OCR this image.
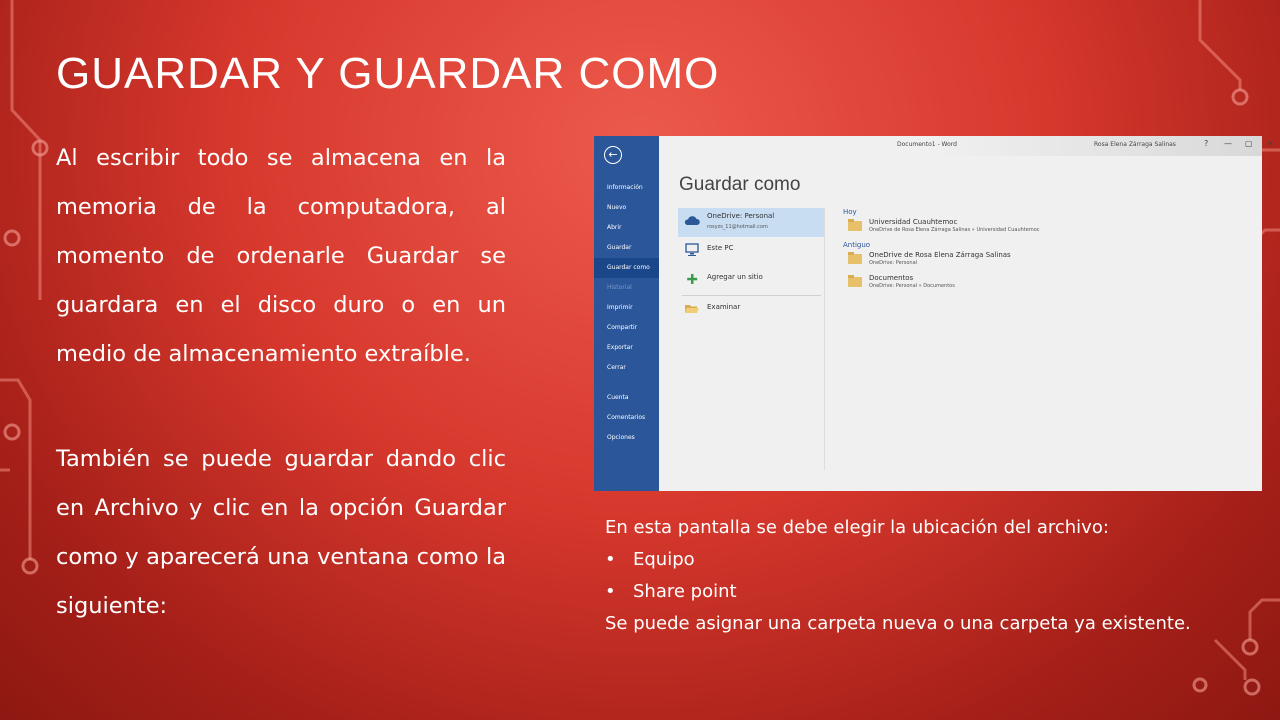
GUARDAR Y GUARDAR COMO

Al escribir todo se almacena en la memoria de la computadora, al momento de ordenarle Guardar se guardara en el disco duro o en un medio de almacenamiento extraíble.

También se puede guardar dando clic en Archivo y clic en la opción Guardar como y aparecerá una ventana como la siguiente:

←
Información
Nuevo
Abrir
Guardar
Guardar como
Historial
Imprimir
Compartir
Exportar
Cerrar
Cuenta
Comentarios
Opciones
Documento1 - Word	Rosa Elena Zárraga Salinas	? — ▢ ✕
Guardar como
OneDrive: Personal
rosyzs_11@hotmail.com
Este PC
Agregar un sitio
Examinar
Hoy
Universidad Cuauhtemoc
OneDrive de Rosa Elena Zárraga Salinas » Universidad Cuauhtemoc
Antiguo
OneDrive de Rosa Elena Zárraga Salinas
OneDrive: Personal
Documentos
OneDrive: Personal » Documentos

En esta pantalla se debe elegir la ubicación del archivo:

• Equipo
• Share point

Se puede asignar una carpeta nueva o una carpeta ya existente.
